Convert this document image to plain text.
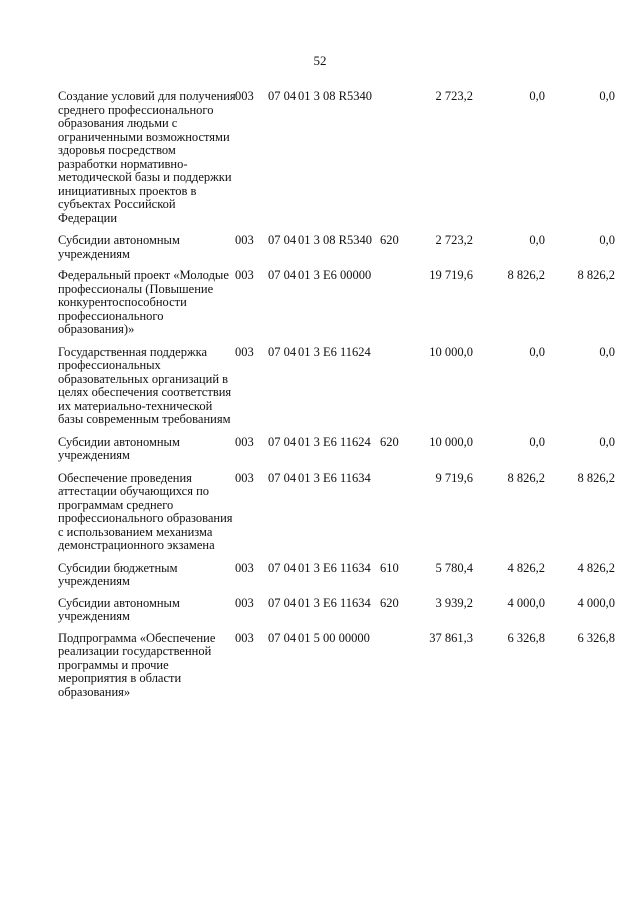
52
Создание условий для получения среднего профессионального образования людьми с ограниченными возможностями здоровья посредством разработки нормативно-методической базы и поддержки инициативных проектов в субъектах Российской Федерации
003 07 04 01 3 08 R5340	2 723,2	0,0	0,0
Субсидии автономным учреждениям
003 07 04 01 3 08 R5340 620	2 723,2	0,0	0,0
Федеральный проект «Молодые профессионалы (Повышение конкурентоспособности профессионального образования)»
003 07 04 01 3 E6 00000	19 719,6	8 826,2	8 826,2
Государственная поддержка профессиональных образовательных организаций в целях обеспечения соответствия их материально-технической базы современным требованиям
003 07 04 01 3 E6 11624	10 000,0	0,0	0,0
Субсидии автономным учреждениям
003 07 04 01 3 E6 11624 620 10 000,0	0,0	0,0
Обеспечение проведения аттестации обучающихся по программам среднего профессионального образования с использованием механизма демонстрационного экзамена
003 07 04 01 3 E6 11634	9 719,6	8 826,2	8 826,2
Субсидии бюджетным учреждениям
003 07 04 01 3 E6 11634 610	5 780,4	4 826,2	4 826,2
Субсидии автономным учреждениям
003 07 04 01 3 E6 11634 620	3 939,2	4 000,0	4 000,0
Подпрограмма «Обеспечение реализации государственной программы и прочие мероприятия в области образования»
003 07 04 01 5 00 00000	37 861,3	6 326,8	6 326,8
